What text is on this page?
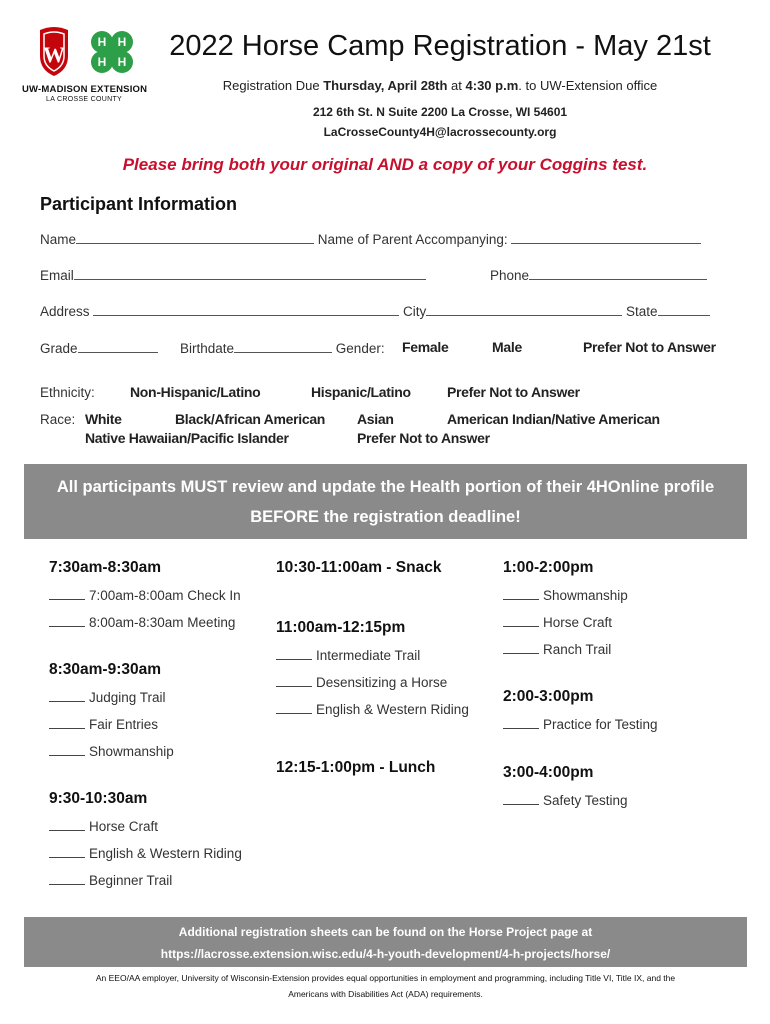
W	H H
H H
UW-MADISON EXTENSION
LA CROSSE COUNTY
2022 Horse Camp Registration - May 21st
Registration Due Thursday, April 28th at 4:30 p.m. to UW-Extension office
212 6th St. N Suite 2200 La Crosse, WI 54601
LaCrosseCounty4H@lacrossecounty.org
Please bring both your original AND a copy of your Coggins test.
Participant Information
Name	Name of Parent Accompanying:
Email	Phone
Address	City	State
Grade	Birthdate	Gender: Female	Male	Prefer Not to Answer
Ethnicity:	Non-Hispanic/Latino	Hispanic/Latino	Prefer Not to Answer
Race: White	Black/African American Asian	American Indian/Native American
Native Hawaiian/Pacific Islander	Prefer Not to Answer
All participants MUST review and update the Health portion of their 4HOnline profile
BEFORE the registration deadline!
7:30am-8:30am
7:00am-8:00am Check In
8:00am-8:30am Meeting
8:30am-9:30am
Judging Trail
Fair Entries
Showmanship
9:30-10:30am
Horse Craft
English & Western Riding
Beginner Trail
10:30-11:00am - Snack
11:00am-12:15pm
Intermediate Trail
Desensitizing a Horse
English & Western Riding
12:15-1:00pm - Lunch
1:00-2:00pm
Showmanship
Horse Craft
Ranch Trail
2:00-3:00pm
Practice for Testing
3:00-4:00pm
Safety Testing
Additional registration sheets can be found on the Horse Project page at
https://lacrosse.extension.wisc.edu/4-h-youth-development/4-h-projects/horse/
An EEO/AA employer, University of Wisconsin-Extension provides equal opportunities in employment and programming, including Title VI, Title IX, and the
Americans with Disabilities Act (ADA) requirements.
